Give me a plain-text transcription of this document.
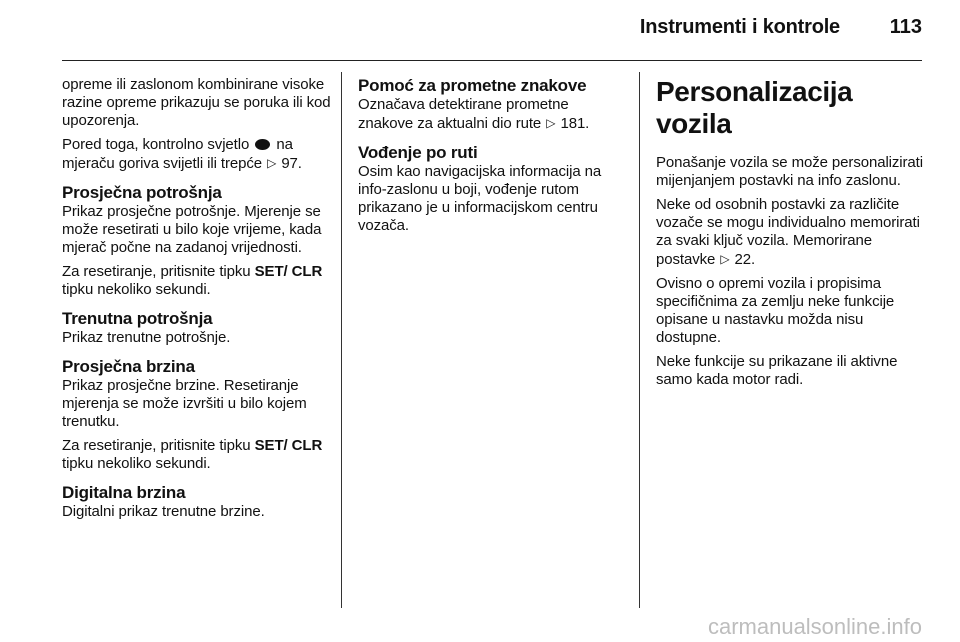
Instrumenti i kontrole 113

opreme ili zaslonom kombinirane visoke razine opreme prikazuju se poruka ili kod upozorenja.

Pored toga, kontrolno svjetlo na mjeraču goriva svijetli ili trepće ▷ 97.

Prosječna potrošnja

Prikaz prosječne potrošnje. Mjerenje se može resetirati u bilo koje vrijeme, kada mjerač počne na zadanoj vrijednosti.

Za resetiranje, pritisnite tipku SET/ CLR tipku nekoliko sekundi.

Trenutna potrošnja

Prikaz trenutne potrošnje.

Prosječna brzina

Prikaz prosječne brzine. Resetiranje mjerenja se može izvršiti u bilo kojem trenutku.

Za resetiranje, pritisnite tipku SET/ CLR tipku nekoliko sekundi.

Digitalna brzina

Digitalni prikaz trenutne brzine.

Pomoć za prometne znakove

Označava detektirane prometne znakove za aktualni dio rute ▷ 181.

Vođenje po ruti

Osim kao navigacijska informacija na info-zaslonu u boji, vođenje rutom prikazano je u informacijskom centru vozača.

Personalizacija vozila

Ponašanje vozila se može personalizirati mijenjanjem postavki na info zaslonu.

Neke od osobnih postavki za različite vozače se mogu individualno memorirati za svaki ključ vozila. Memorirane postavke ▷ 22.

Ovisno o opremi vozila i propisima specifičnima za zemlju neke funkcije opisane u nastavku možda nisu dostupne.

Neke funkcije su prikazane ili aktivne samo kada motor radi.

carmanualsonline.info
